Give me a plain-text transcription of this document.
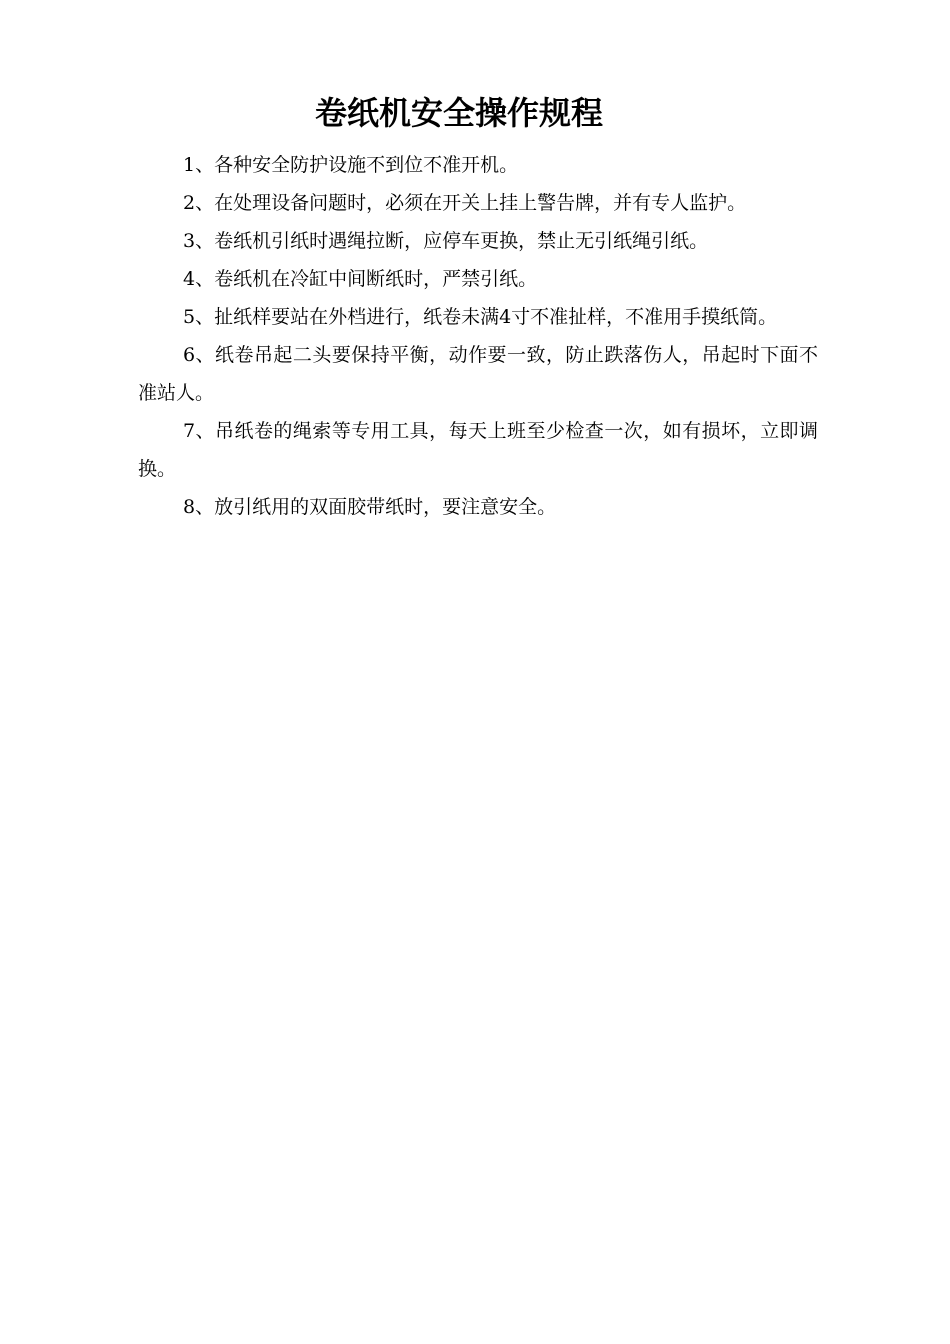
卷纸机安全操作规程

1、各种安全防护设施不到位不准开机。

2、在处理设备问题时，必须在开关上挂上警告牌，并有专人监护。

3、卷纸机引纸时遇绳拉断，应停车更换，禁止无引纸绳引纸。

4、卷纸机在冷缸中间断纸时，严禁引纸。

5、扯纸样要站在外档进行，纸卷未满4寸不准扯样，不准用手摸纸筒。

6、纸卷吊起二头要保持平衡，动作要一致，防止跌落伤人，吊起时下面不准站人。

7、吊纸卷的绳索等专用工具，每天上班至少检查一次，如有损坏，立即调换。

8、放引纸用的双面胶带纸时，要注意安全。
